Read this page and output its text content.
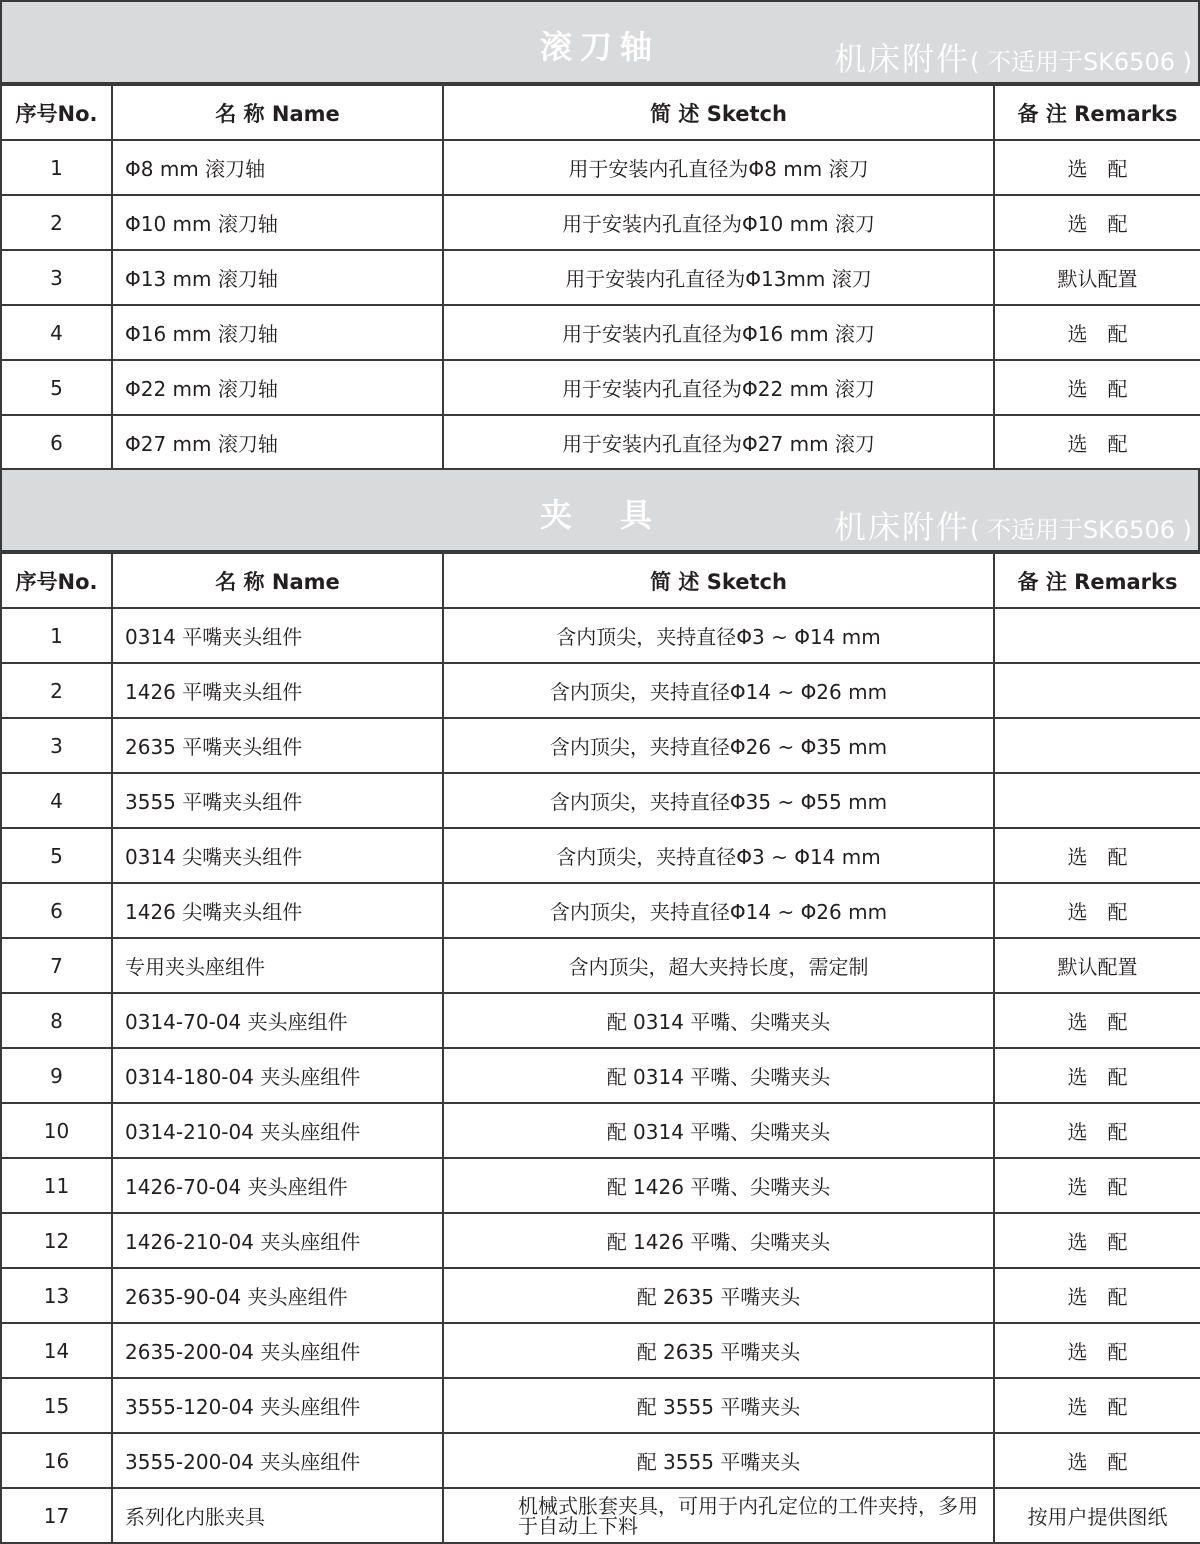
滚刀轴	机床附件( 不适用于SK6506 )
序号No.	名 称 Name	简 述 Sketch	备 注 Remarks
1	Φ8 mm 滚刀轴	用于安装内孔直径为Φ8 mm 滚刀	选　配
2	Φ10 mm 滚刀轴	用于安装内孔直径为Φ10 mm 滚刀	选　配
3	Φ13 mm 滚刀轴	用于安装内孔直径为Φ13mm 滚刀	默认配置
4	Φ16 mm 滚刀轴	用于安装内孔直径为Φ16 mm 滚刀	选　配
5	Φ22 mm 滚刀轴	用于安装内孔直径为Φ22 mm 滚刀	选　配
6	Φ27 mm 滚刀轴	用于安装内孔直径为Φ27 mm 滚刀	选　配
夹　具	机床附件( 不适用于SK6506 )
序号No.	名 称 Name	简 述 Sketch	备 注 Remarks
1	0314 平嘴夹头组件	含内顶尖，夹持直径Φ3 ~ Φ14 mm	
2	1426 平嘴夹头组件	含内顶尖，夹持直径Φ14 ~ Φ26 mm	
3	2635 平嘴夹头组件	含内顶尖，夹持直径Φ26 ~ Φ35 mm	
4	3555 平嘴夹头组件	含内顶尖，夹持直径Φ35 ~ Φ55 mm	
5	0314 尖嘴夹头组件	含内顶尖，夹持直径Φ3 ~ Φ14 mm	选　配
6	1426 尖嘴夹头组件	含内顶尖，夹持直径Φ14 ~ Φ26 mm	选　配
7	专用夹头座组件	含内顶尖，超大夹持长度，需定制	默认配置
8	0314-70-04 夹头座组件	配 0314 平嘴、尖嘴夹头	选　配
9	0314-180-04 夹头座组件	配 0314 平嘴、尖嘴夹头	选　配
10	0314-210-04 夹头座组件	配 0314 平嘴、尖嘴夹头	选　配
11	1426-70-04 夹头座组件	配 1426 平嘴、尖嘴夹头	选　配
12	1426-210-04 夹头座组件	配 1426 平嘴、尖嘴夹头	选　配
13	2635-90-04 夹头座组件	配 2635 平嘴夹头	选　配
14	2635-200-04 夹头座组件	配 2635 平嘴夹头	选　配
15	3555-120-04 夹头座组件	配 3555 平嘴夹头	选　配
16	3555-200-04 夹头座组件	配 3555 平嘴夹头	选　配
17	系列化内胀夹具	机械式胀套夹具，可用于内孔定位的工件夹持，多用于自动上下料	按用户提供图纸
